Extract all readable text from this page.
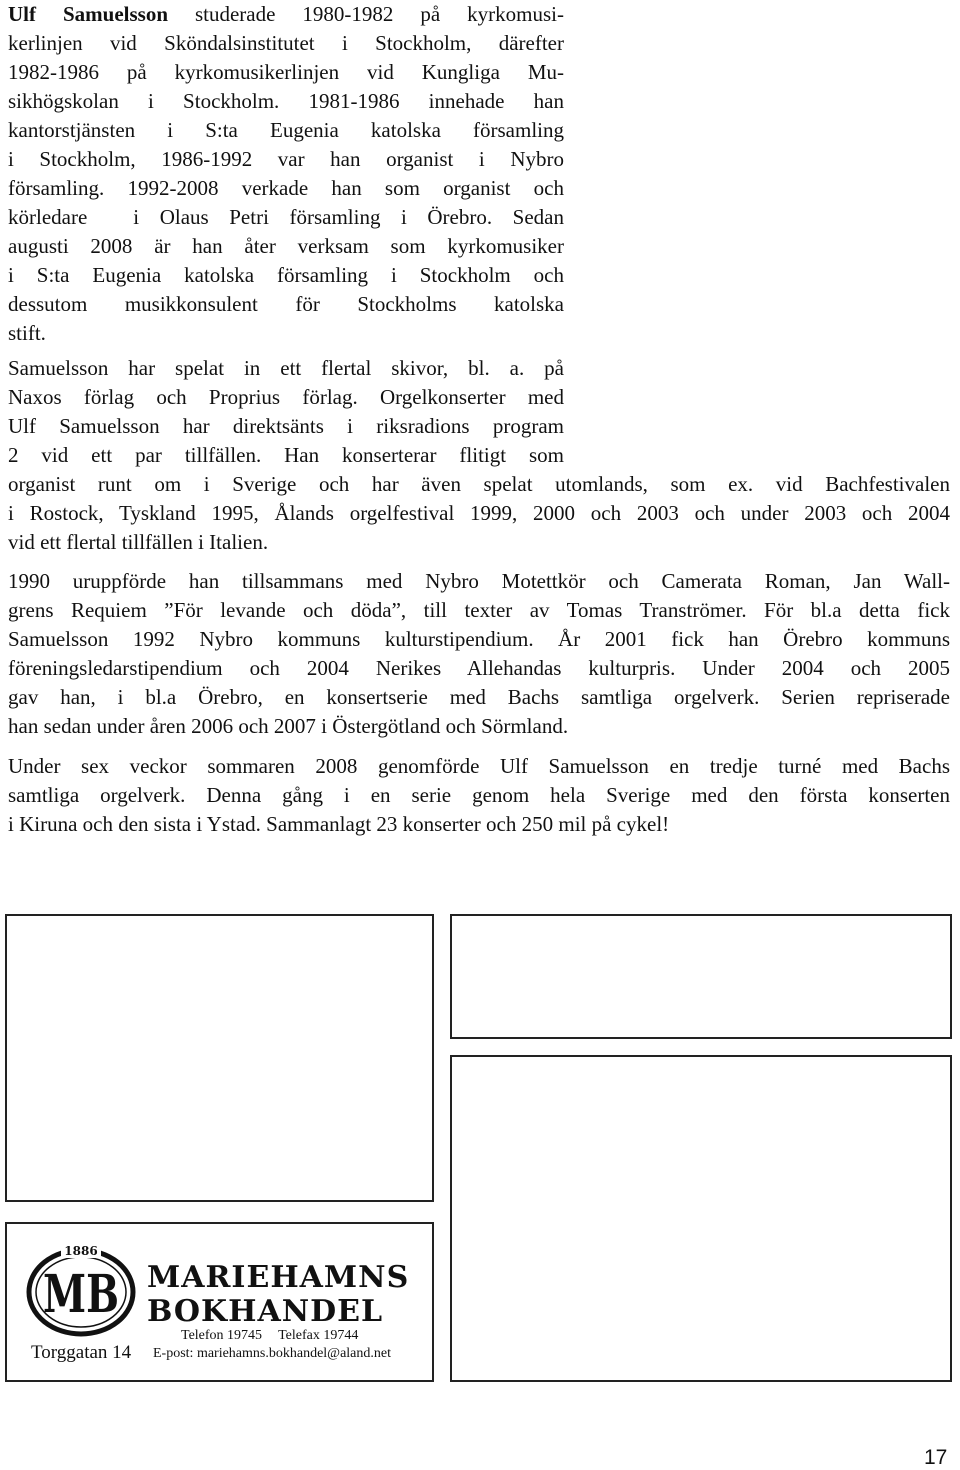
Ulf Samuelsson studerade 1980-1982 på kyrkomusi-
kerlinjen vid Sköndalsinstitutet i Stockholm, därefter
1982-1986 på kyrkomusikerlinjen vid Kungliga Mu-
sikhögskolan i Stockholm. 1981-1986 innehade han
kantorstjänsten i S:ta Eugenia katolska församling
i Stockholm, 1986-1992 var han organist i Nybro
församling. 1992-2008 verkade han som organist och
körledare i Olaus Petri församling i Örebro. Sedan
augusti 2008 är han åter verksam som kyrkomusiker
i S:ta Eugenia katolska församling i Stockholm och
dessutom musikkonsulent för Stockholms katolska
stift.
Samuelsson har spelat in ett flertal skivor, bl. a. på
Naxos förlag och Proprius förlag. Orgelkonserter med
Ulf Samuelsson har direktsänts i riksradions program
2 vid ett par tillfällen. Han konserterar flitigt som
organist runt om i Sverige och har även spelat utomlands, som ex. vid Bachfestivalen
i Rostock, Tyskland 1995, Ålands orgelfestival 1999, 2000 och 2003 och under 2003 och 2004
vid ett flertal tillfällen i Italien.
1990 uruppförde han tillsammans med Nybro Motettkör och Camerata Roman, Jan Wall-
grens Requiem ”För levande och döda”, till texter av Tomas Tranströmer. För bl.a detta fick
Samuelsson 1992 Nybro kommuns kulturstipendium. År 2001 fick han Örebro kommuns
föreningsledarstipendium och 2004 Nerikes Allehandas kulturpris. Under 2004 och 2005
gav han, i bl.a Örebro, en konsertserie med Bachs samtliga orgelverk. Serien repriserade
han sedan under åren 2006 och 2007 i Östergötland och Sörmland.
Under sex veckor sommaren 2008 genomförde Ulf Samuelsson en tredje turné med Bachs
samtliga orgelverk. Denna gång i en serie genom hela Sverige med den första konserten
i Kiruna och den sista i Ystad. Sammanlagt 23 konserter och 250 mil på cykel!
1886
MB MARIEHAMNS
BOKHANDEL
Telefon 19745 Telefax 19744
Torggatan 14 E-post: mariehamns.bokhandel@aland.net
17
